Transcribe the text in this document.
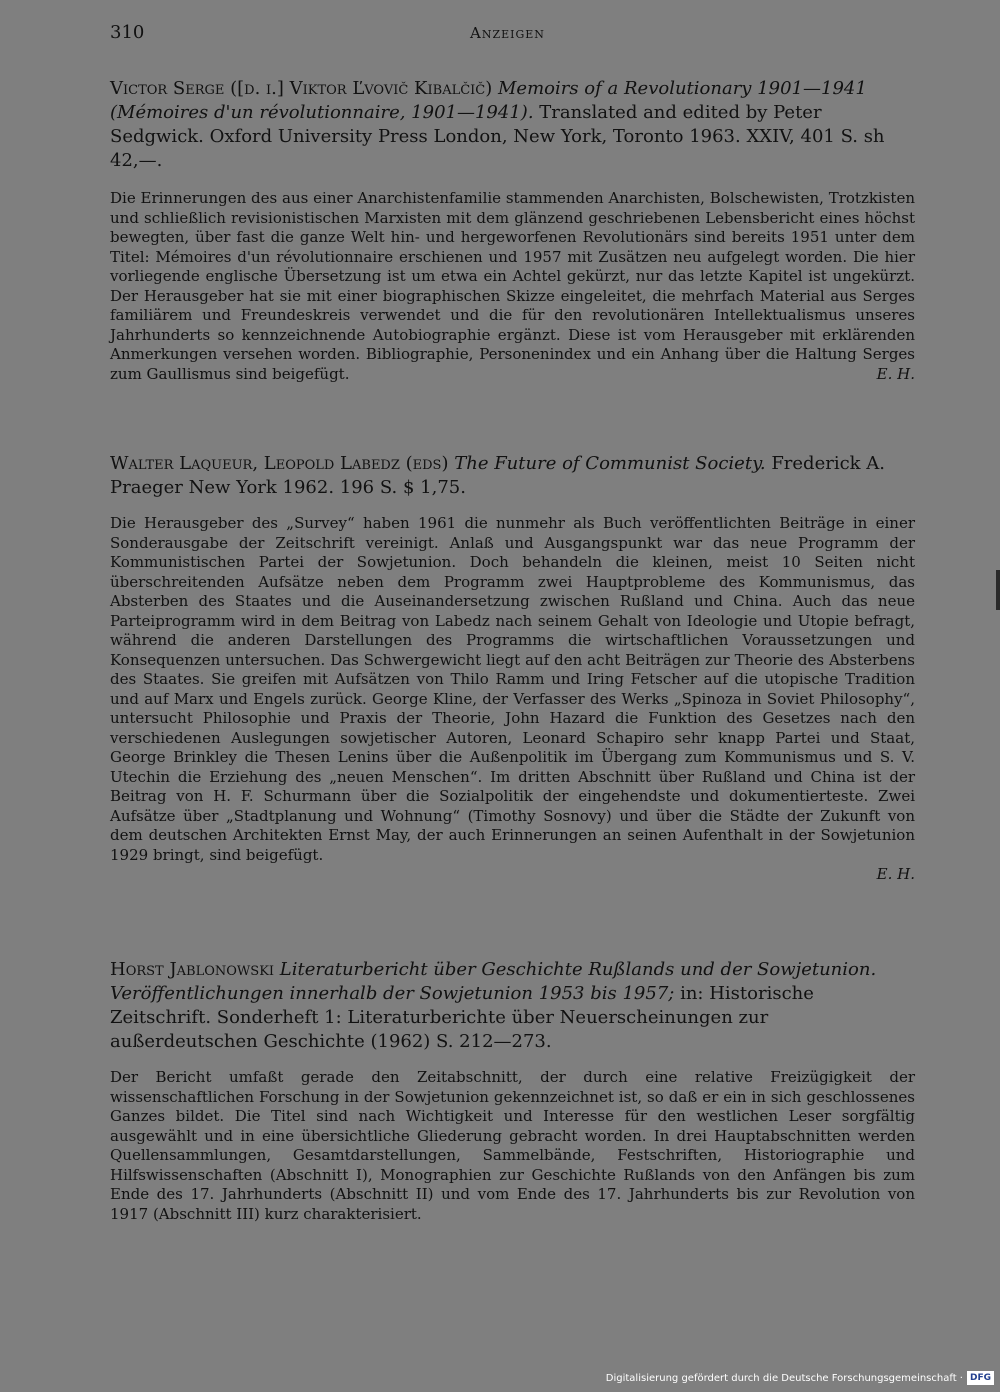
310	Anzeigen

Victor Serge ([d. i.] Viktor Ľvovič Kibalčič) Memoirs of a Revolutionary 1901—1941 (Mémoires d'un révolutionnaire, 1901—1941). Translated and edited by Peter Sedgwick. Oxford University Press London, New York, Toronto 1963. XXIV, 401 S. sh 42,—.

Die Erinnerungen des aus einer Anarchistenfamilie stammenden Anarchisten, Bolschewisten, Trotzkisten und schließlich revisionistischen Marxisten mit dem glänzend geschriebenen Lebensbericht eines höchst bewegten, über fast die ganze Welt hin- und hergeworfenen Revolutionärs sind bereits 1951 unter dem Titel: Mémoires d'un révolutionnaire erschienen und 1957 mit Zusätzen neu aufgelegt worden. Die hier vorliegende englische Übersetzung ist um etwa ein Achtel gekürzt, nur das letzte Kapitel ist ungekürzt. Der Herausgeber hat sie mit einer biographischen Skizze eingeleitet, die mehrfach Material aus Serges familiärem und Freundeskreis verwendet und die für den revolutionären Intellektualismus unseres Jahrhunderts so kennzeichnende Autobiographie ergänzt. Diese ist vom Herausgeber mit erklärenden Anmerkungen versehen worden. Bibliographie, Personenindex und ein Anhang über die Haltung Serges zum Gaullismus sind beigefügt.	E. H.

Walter Laqueur, Leopold Labedz (eds) The Future of Communist Society. Frederick A. Praeger New York 1962. 196 S. $ 1,75.

Die Herausgeber des „Survey“ haben 1961 die nunmehr als Buch veröffentlichten Beiträge in einer Sonderausgabe der Zeitschrift vereinigt. Anlaß und Ausgangspunkt war das neue Programm der Kommunistischen Partei der Sowjetunion. Doch behandeln die kleinen, meist 10 Seiten nicht überschreitenden Aufsätze neben dem Programm zwei Hauptprobleme des Kommunismus, das Absterben des Staates und die Auseinandersetzung zwischen Rußland und China. Auch das neue Parteiprogramm wird in dem Beitrag von Labedz nach seinem Gehalt von Ideologie und Utopie befragt, während die anderen Darstellungen des Programms die wirtschaftlichen Voraussetzungen und Konsequenzen untersuchen. Das Schwergewicht liegt auf den acht Beiträgen zur Theorie des Absterbens des Staates. Sie greifen mit Aufsätzen von Thilo Ramm und Iring Fetscher auf die utopische Tradition und auf Marx und Engels zurück. George Kline, der Verfasser des Werks „Spinoza in Soviet Philosophy“, untersucht Philosophie und Praxis der Theorie, John Hazard die Funktion des Gesetzes nach den verschiedenen Auslegungen sowjetischer Autoren, Leonard Schapiro sehr knapp Partei und Staat, George Brinkley die Thesen Lenins über die Außenpolitik im Übergang zum Kommunismus und S. V. Utechin die Erziehung des „neuen Menschen“. Im dritten Abschnitt über Rußland und China ist der Beitrag von H. F. Schurmann über die Sozialpolitik der eingehendste und dokumentierteste. Zwei Aufsätze über „Stadtplanung und Wohnung“ (Timothy Sosnovy) und über die Städte der Zukunft von dem deutschen Architekten Ernst May, der auch Erinnerungen an seinen Aufenthalt in der Sowjetunion 1929 bringt, sind beigefügt.

E. H.

Horst Jablonowski Literaturbericht über Geschichte Rußlands und der Sowjetunion. Veröffentlichungen innerhalb der Sowjetunion 1953 bis 1957; in: Historische Zeitschrift. Sonderheft 1: Literaturberichte über Neuerscheinungen zur außerdeutschen Geschichte (1962) S. 212—273.

Der Bericht umfaßt gerade den Zeitabschnitt, der durch eine relative Freizügigkeit der wissenschaftlichen Forschung in der Sowjetunion gekennzeichnet ist, so daß er ein in sich geschlossenes Ganzes bildet. Die Titel sind nach Wichtigkeit und Interesse für den westlichen Leser sorgfältig ausgewählt und in eine übersichtliche Gliederung gebracht worden. In drei Hauptabschnitten werden Quellensammlungen, Gesamtdarstellungen, Sammelbände, Festschriften, Historiographie und Hilfswissenschaften (Abschnitt I), Monographien zur Geschichte Rußlands von den Anfängen bis zum Ende des 17. Jahrhunderts (Abschnitt II) und vom Ende des 17. Jahrhunderts bis zur Revolution von 1917 (Abschnitt III) kurz charakterisiert.

Digitalisierung gefördert durch die Deutsche Forschungsgemeinschaft · DFG
